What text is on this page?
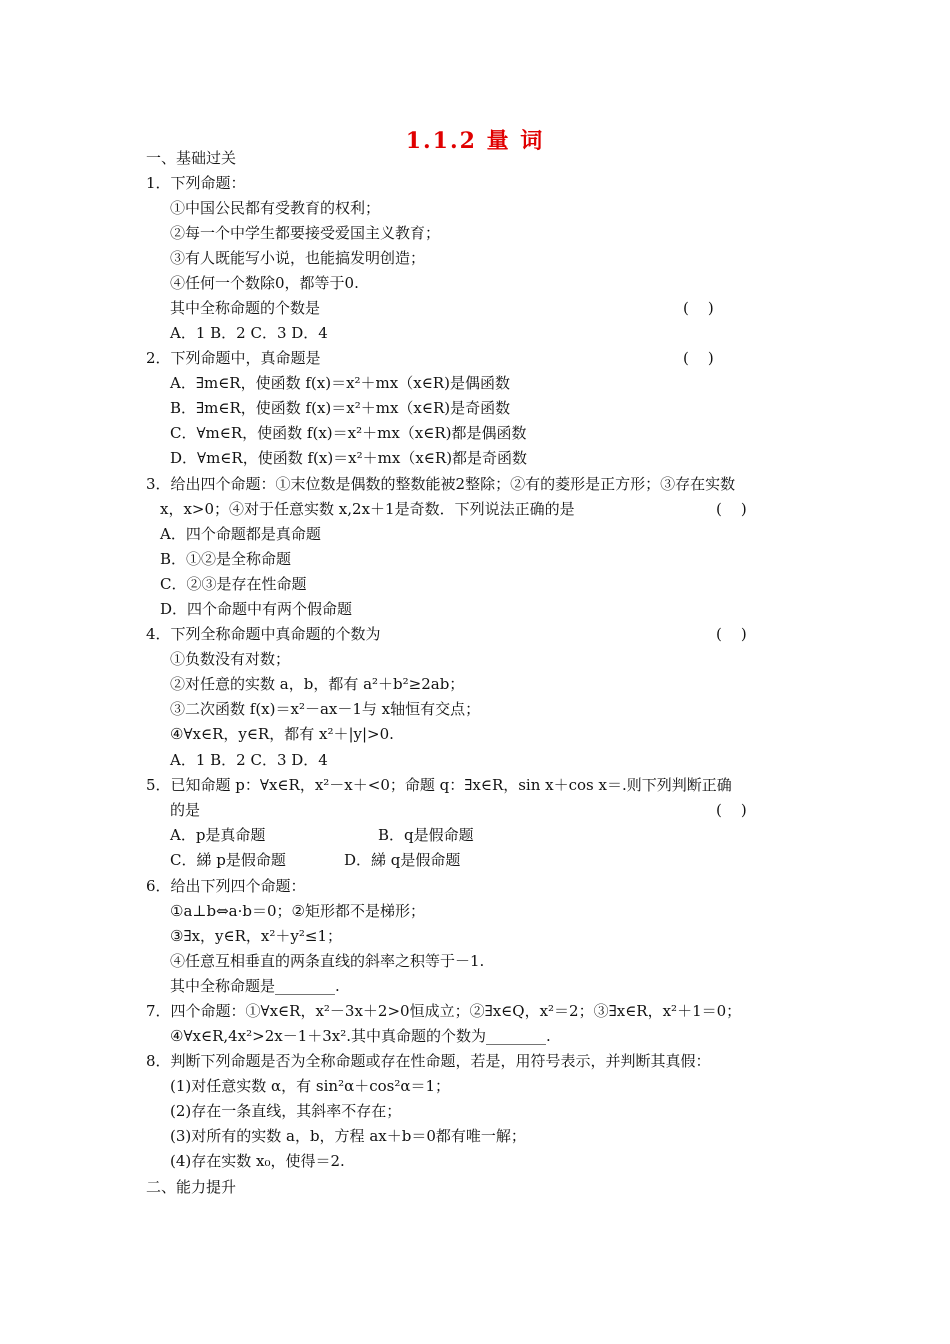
1.1.2 量 词
一、基础过关
1．下列命题：
①中国公民都有受教育的权利；
②每一个中学生都要接受爱国主义教育；
③有人既能写小说，也能搞发明创造；
④任何一个数除0，都等于0.
其中全称命题的个数是	(    )
A．1 B．2 C．3 D．4
2．下列命题中，真命题是	(    )
A．∃m∈R，使函数 f(x)＝x²＋mx（x∈R)是偶函数
B．∃m∈R，使函数 f(x)＝x²＋mx（x∈R)是奇函数
C．∀m∈R，使函数 f(x)＝x²＋mx（x∈R)都是偶函数
D．∀m∈R，使函数 f(x)＝x²＋mx（x∈R)都是奇函数
3．给出四个命题：①末位数是偶数的整数能被2整除；②有的菱形是正方形；③存在实数
x，x>0；④对于任意实数 x,2x＋1是奇数．下列说法正确的是	(    )
A．四个命题都是真命题
B．①②是全称命题
C．②③是存在性命题
D．四个命题中有两个假命题
4．下列全称命题中真命题的个数为	(    )
①负数没有对数；
②对任意的实数 a，b，都有 a²＋b²≥2ab；
③二次函数 f(x)＝x²－ax－1与 x轴恒有交点；
④∀x∈R，y∈R，都有 x²＋|y|>0.
A．1 B．2 C．3 D．4
5．已知命题 p：∀x∈R，x²－x＋<0；命题 q：∃x∈R，sin x＋cos x＝.则下列判断正确
的是	(    )
A．p是真命题	B．q是假命题
C．綈 p是假命题	D．綈 q是假命题
6．给出下列四个命题：
①a⊥b⇔a·b＝0；②矩形都不是梯形；
③∃x，y∈R，x²＋y²≤1；
④任意互相垂直的两条直线的斜率之积等于－1.
其中全称命题是________.
7．四个命题：①∀x∈R，x²－3x＋2>0恒成立；②∃x∈Q，x²＝2；③∃x∈R，x²＋1＝0；
④∀x∈R,4x²>2x－1＋3x².其中真命题的个数为________.
8．判断下列命题是否为全称命题或存在性命题，若是，用符号表示，并判断其真假：
(1)对任意实数 α，有 sin²α＋cos²α＝1；
(2)存在一条直线，其斜率不存在；
(3)对所有的实数 a，b，方程 ax＋b＝0都有唯一解；
(4)存在实数 x₀，使得＝2.
二、能力提升
